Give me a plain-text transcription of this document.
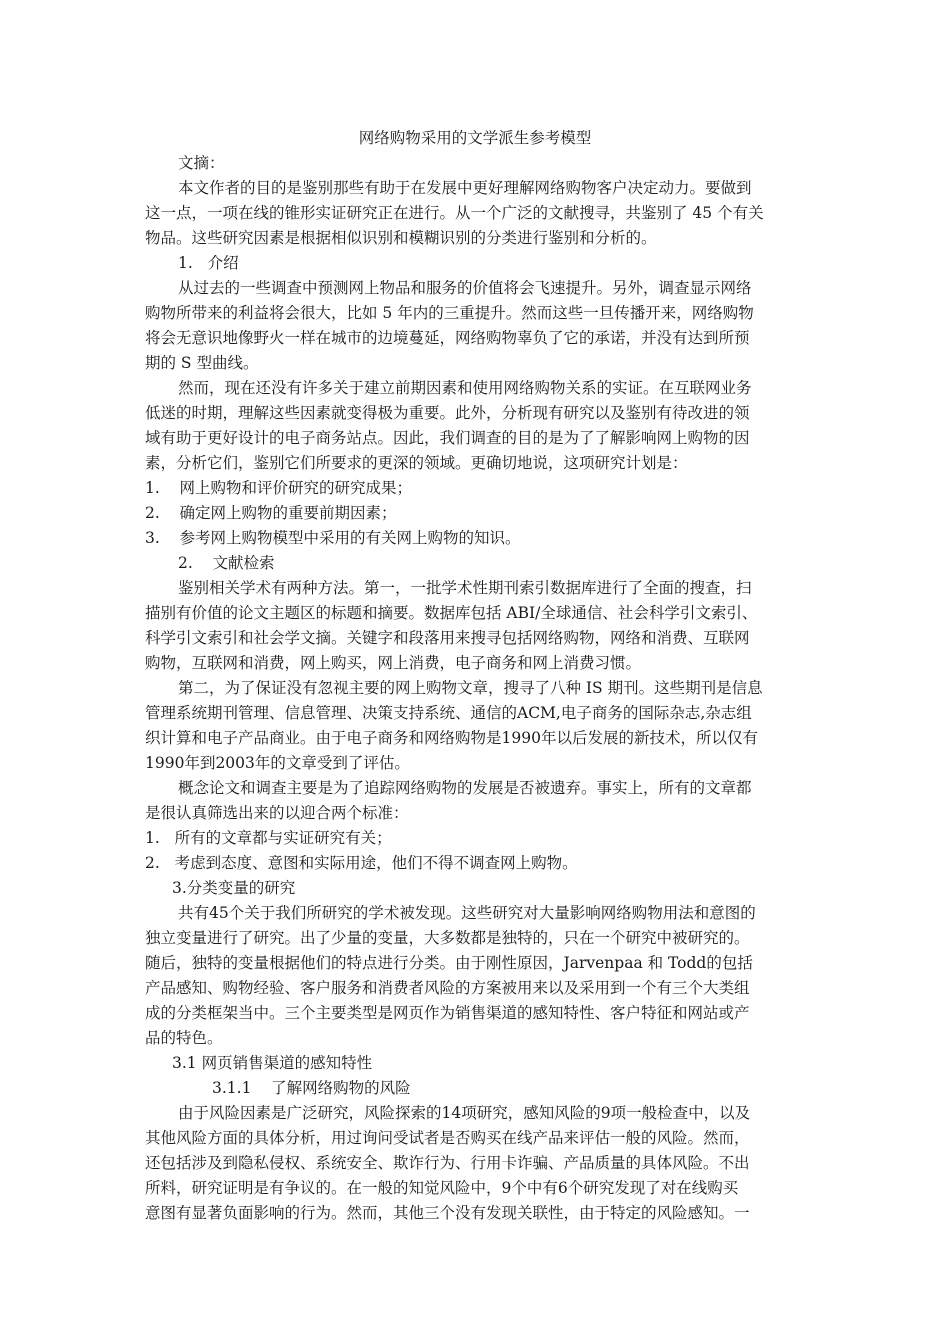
网络购物采用的文学派生参考模型
文摘：
本文作者的目的是鉴别那些有助于在发展中更好理解网络购物客户决定动力。要做到
这一点，一项在线的锥形实证研究正在进行。从一个广泛的文献搜寻，共鉴别了 45 个有关
物品。这些研究因素是根据相似识别和模糊识别的分类进行鉴别和分析的。
1.   介绍
从过去的一些调查中预测网上物品和服务的价值将会飞速提升。另外，调查显示网络
购物所带来的利益将会很大，比如 5 年内的三重提升。然而这些一旦传播开来，网络购物
将会无意识地像野火一样在城市的边境蔓延，网络购物辜负了它的承诺，并没有达到所预
期的 S 型曲线。
然而，现在还没有许多关于建立前期因素和使用网络购物关系的实证。在互联网业务
低迷的时期，理解这些因素就变得极为重要。此外，分析现有研究以及鉴别有待改进的领
域有助于更好设计的电子商务站点。因此，我们调查的目的是为了了解影响网上购物的因
素，分析它们，鉴别它们所要求的更深的领域。更确切地说，这项研究计划是：
1.    网上购物和评价研究的研究成果；
2.    确定网上购物的重要前期因素；
3.    参考网上购物模型中采用的有关网上购物的知识。
2.    文献检索
鉴别相关学术有两种方法。第一，一批学术性期刊索引数据库进行了全面的搜查，扫
描别有价值的论文主题区的标题和摘要。数据库包括 ABI/全球通信、社会科学引文索引、
科学引文索引和社会学文摘。关键字和段落用来搜寻包括网络购物，网络和消费、互联网
购物，互联网和消费，网上购买，网上消费，电子商务和网上消费习惯。
第二，为了保证没有忽视主要的网上购物文章，搜寻了八种 IS 期刊。这些期刊是信息
管理系统期刊管理、信息管理、决策支持系统、通信的ACM,电子商务的国际杂志,杂志组
织计算和电子产品商业。由于电子商务和网络购物是1990年以后发展的新技术，所以仅有
1990年到2003年的文章受到了评估。
概念论文和调查主要是为了追踪网络购物的发展是否被遗弃。事实上，所有的文章都
是很认真筛选出来的以迎合两个标准：
1.   所有的文章都与实证研究有关；
2.   考虑到态度、意图和实际用途，他们不得不调查网上购物。
3.分类变量的研究
共有45个关于我们所研究的学术被发现。这些研究对大量影响网络购物用法和意图的
独立变量进行了研究。出了少量的变量，大多数都是独特的，只在一个研究中被研究的。
随后，独特的变量根据他们的特点进行分类。由于刚性原因，Jarvenpaa 和 Todd的包括
产品感知、购物经验、客户服务和消费者风险的方案被用来以及采用到一个有三个大类组
成的分类框架当中。三个主要类型是网页作为销售渠道的感知特性、客户特征和网站或产
品的特色。
3.1 网页销售渠道的感知特性
3.1.1    了解网络购物的风险
由于风险因素是广泛研究，风险探索的14项研究，感知风险的9项一般检查中，以及
其他风险方面的具体分析，用过询问受试者是否购买在线产品来评估一般的风险。然而，
还包括涉及到隐私侵权、系统安全、欺诈行为、行用卡诈骗、产品质量的具体风险。不出
所料，研究证明是有争议的。在一般的知觉风险中，9个中有6个研究发现了对在线购买
意图有显著负面影响的行为。然而，其他三个没有发现关联性，由于特定的风险感知。一
